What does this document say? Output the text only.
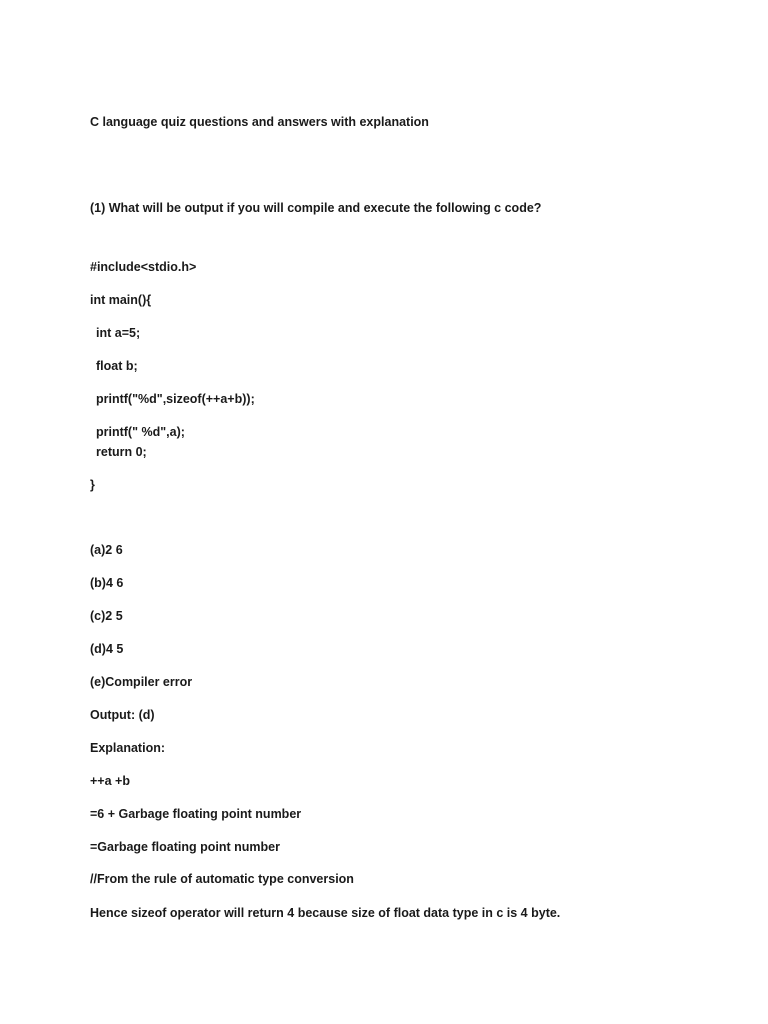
C language quiz questions and answers with explanation
(1) What will be output if you will compile and execute the following c code?
#include<stdio.h>
int main(){
int a=5;
float b;
printf("%d",sizeof(++a+b));
printf(" %d",a);
return 0;
}
(a)2 6
(b)4 6
(c)2 5
(d)4 5
(e)Compiler error
Output: (d)
Explanation:
++a +b
=6 + Garbage floating point number
=Garbage floating point number
//From the rule of automatic type conversion
Hence sizeof operator will return 4 because size of float data type in c is 4 byte.
